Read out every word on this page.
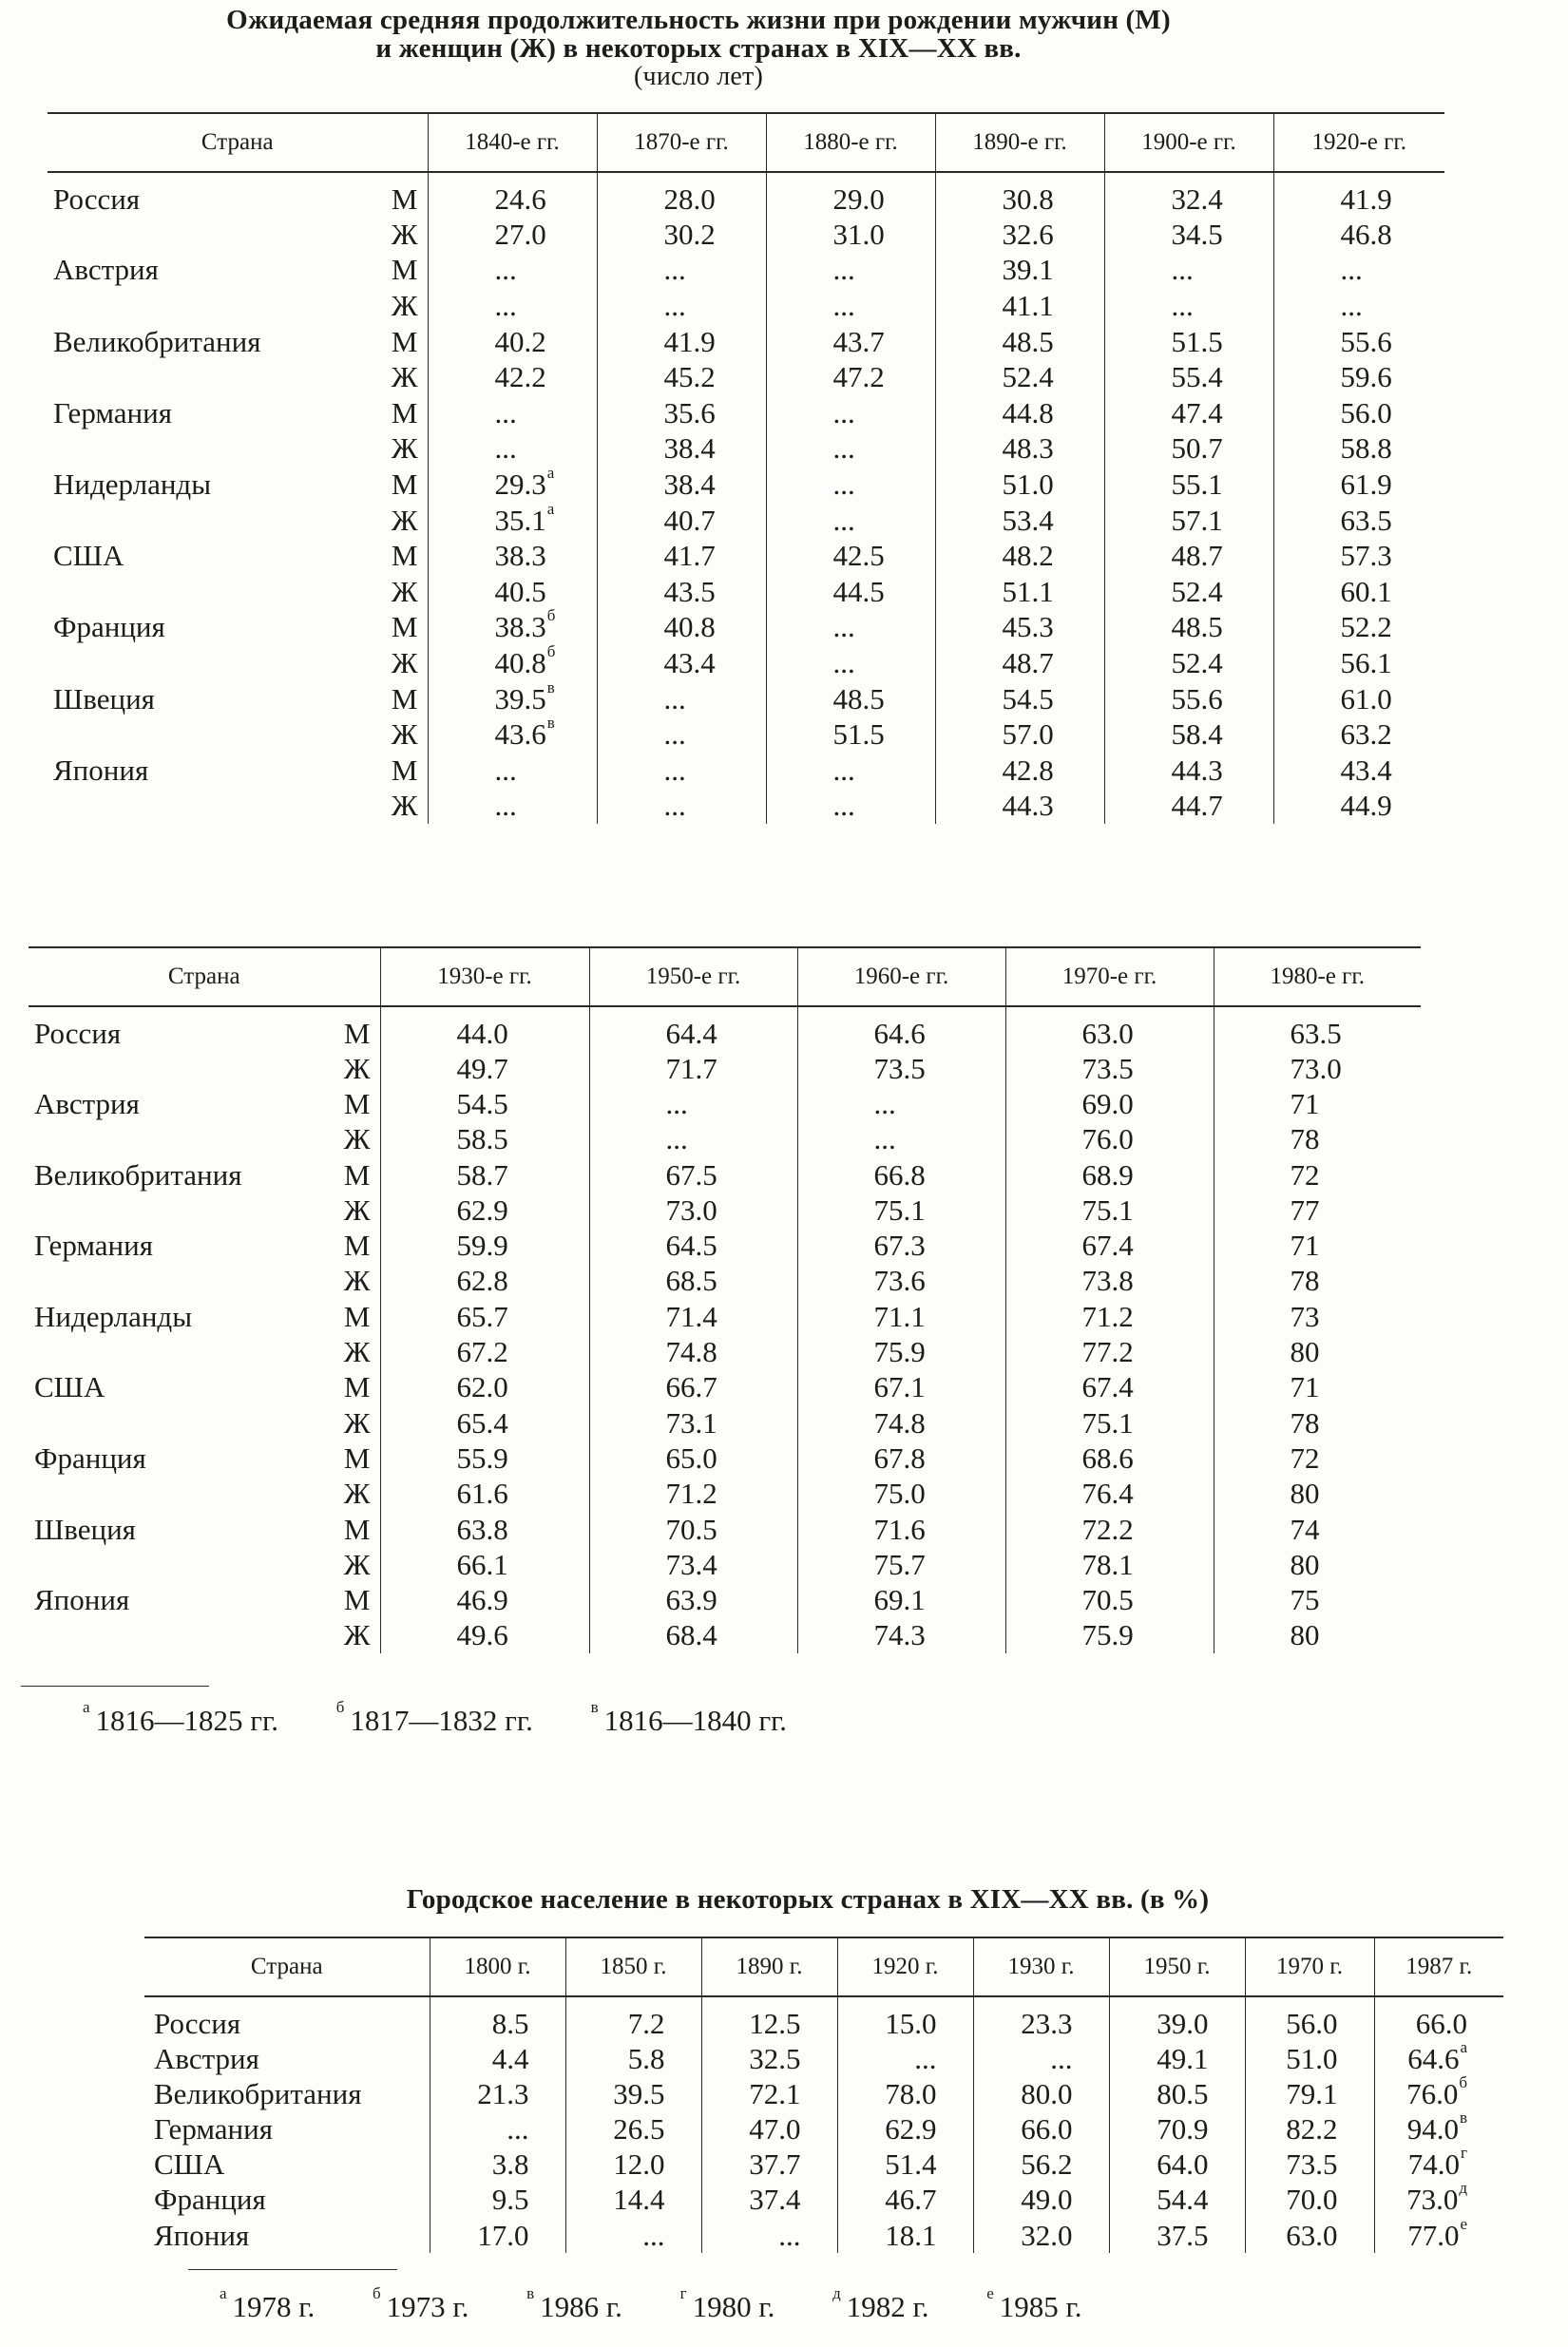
Ожидаемая средняя продолжительность жизни при рождении мужчин (М)
и женщин (Ж) в некоторых странах в XIX—XX вв.
(число лет)
Страна		1840-е гг.	1870-е гг.	1880-е гг.	1890-е гг.	1900-е гг.	1920-е гг.
Россия	М	24.6	28.0	29.0	30.8	32.4	41.9
	Ж	27.0	30.2	31.0	32.6	34.5	46.8
Австрия	М	...	...	...	39.1	...	...
	Ж	...	...	...	41.1	...	...
Великобритания	М	40.2	41.9	43.7	48.5	51.5	55.6
	Ж	42.2	45.2	47.2	52.4	55.4	59.6
Германия	М	...	35.6	...	44.8	47.4	56.0
	Ж	...	38.4	...	48.3	50.7	58.8
Нидерланды	М	$29.3^а$	38.4	...	51.0	55.1	61.9
	Ж	$35.1^а$	40.7	...	53.4	57.1	63.5
США	М	38.3	41.7	42.5	48.2	48.7	57.3
	Ж	40.5	43.5	44.5	51.1	52.4	60.1
Франция	М	$38.3^б$	40.8	...	45.3	48.5	52.2
	Ж	$40.8^б$	43.4	...	48.7	52.4	56.1
Швеция	М	$39.5^в$	...	48.5	54.5	55.6	61.0
	Ж	$43.6^в$	...	51.5	57.0	58.4	63.2
Япония	М	...	...	...	42.8	44.3	43.4
	Ж	...	...	...	44.3	44.7	44.9
Страна		1930-е гг.	1950-е гг.	1960-е гг.	1970-е гг.	1980-е гг.
Россия	М	44.0	64.4	64.6	63.0	63.5
	Ж	49.7	71.7	73.5	73.5	73.0
Австрия	М	54.5	...	...	69.0	71
	Ж	58.5	...	...	76.0	78
Великобритания	М	58.7	67.5	66.8	68.9	72
	Ж	62.9	73.0	75.1	75.1	77
Германия	М	59.9	64.5	67.3	67.4	71
	Ж	62.8	68.5	73.6	73.8	78
Нидерланды	М	65.7	71.4	71.1	71.2	73
	Ж	67.2	74.8	75.9	77.2	80
США	М	62.0	66.7	67.1	67.4	71
	Ж	65.4	73.1	74.8	75.1	78
Франция	М	55.9	65.0	67.8	68.6	72
	Ж	61.6	71.2	75.0	76.4	80
Швеция	М	63.8	70.5	71.6	72.2	74
	Ж	66.1	73.4	75.7	78.1	80
Япония	М	46.9	63.9	69.1	70.5	75
	Ж	49.6	68.4	74.3	75.9	80
$^а$ 1816—1825 гг.	$^б$ 1817—1832 гг.	$^в$ 1816—1840 гг.
Городское население в некоторых странах в XIX—XX вв. (в %)
Страна	1800 г.	1850 г.	1890 г.	1920 г.	1930 г.	1950 г.	1970 г.	1987 г.
Россия	8.5	7.2	12.5	15.0	23.3	39.0	56.0	66.0
Австрия	4.4	5.8	32.5	...	...	49.1	51.0	$64.6^а$
Великобритания	21.3	39.5	72.1	78.0	80.0	80.5	79.1	$76.0^б$
Германия	...	26.5	47.0	62.9	66.0	70.9	82.2	$94.0^в$
США	3.8	12.0	37.7	51.4	56.2	64.0	73.5	$74.0^г$
Франция	9.5	14.4	37.4	46.7	49.0	54.4	70.0	$73.0^д$
Япония	17.0	...	...	18.1	32.0	37.5	63.0	$77.0^е$
$^а$ 1978 г.	$^б$ 1973 г.	$^в$ 1986 г.	$^г$ 1980 г.	$^д$ 1982 г.	$^е$ 1985 г.
